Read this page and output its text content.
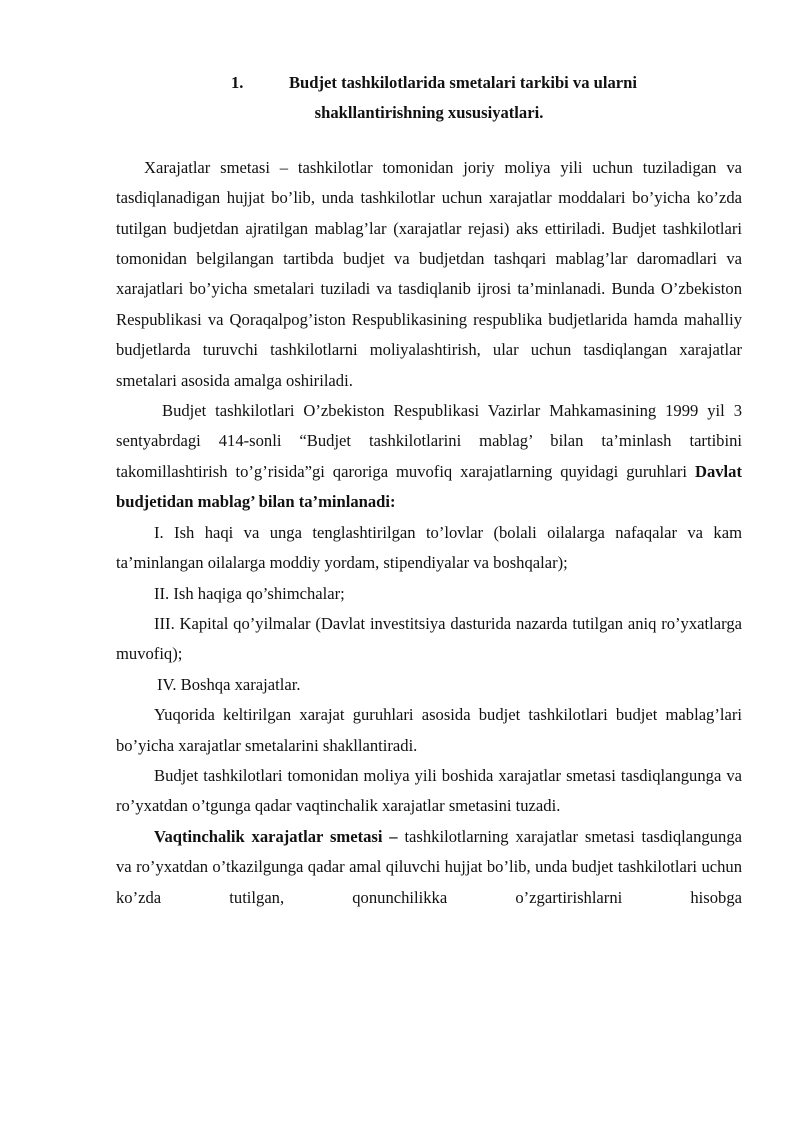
1.	Budjet tashkilotlarida smetalari tarkibi va ularni
shakllantirishning xususiyatlari.

Xarajatlar smetasi – tashkilotlar tomonidan joriy moliya yili uchun tuziladigan va tasdiqlanadigan hujjat bo’lib, unda tashkilotlar uchun xarajatlar moddalari bo’yicha ko’zda tutilgan budjetdan ajratilgan mablag’lar (xarajatlar rejasi) aks ettiriladi. Budjet tashkilotlari tomonidan belgilangan tartibda budjet va budjetdan tashqari mablag’lar daromadlari va xarajatlari bo’yicha smetalari tuziladi va tasdiqlanib ijrosi ta’minlanadi. Bunda O’zbekiston Respublikasi va Qoraqalpog’iston Respublikasining respublika budjetlarida hamda mahalliy budjetlarda turuvchi tashkilotlarni moliyalashtirish, ular uchun tasdiqlangan xarajatlar smetalari asosida amalga oshiriladi.

Budjet tashkilotlari O’zbekiston Respublikasi Vazirlar Mahkamasining 1999 yil 3 sentyabrdagi 414-sonli “Budjet tashkilotlarini mablag’ bilan ta’minlash tartibini takomillashtirish to’g’risida”gi qaroriga muvofiq xarajatlarning quyidagi guruhlari Davlat budjetidan mablag’ bilan ta’minlanadi:

I. Ish haqi va unga tenglashtirilgan to’lovlar (bolali oilalarga nafaqalar va kam ta’minlangan oilalarga moddiy yordam, stipendiyalar va boshqalar);

II. Ish haqiga qo’shimchalar;

III. Kapital qo’yilmalar (Davlat investitsiya dasturida nazarda tutilgan aniq ro’yxatlarga muvofiq);

IV. Boshqa xarajatlar.

Yuqorida keltirilgan xarajat guruhlari asosida budjet tashkilotlari budjet mablag’lari bo’yicha xarajatlar smetalarini shakllantiradi.

Budjet tashkilotlari tomonidan moliya yili boshida xarajatlar smetasi tasdiqlangunga va ro’yxatdan o’tgunga qadar vaqtinchalik xarajatlar smetasini tuzadi.

Vaqtinchalik xarajatlar smetasi – tashkilotlarning xarajatlar smetasi tasdiqlangunga va ro’yxatdan o’tkazilgunga qadar amal qiluvchi hujjat bo’lib, unda budjet tashkilotlari uchun ko’zda tutilgan, qonunchilikka o’zgartirishlarni hisobga
